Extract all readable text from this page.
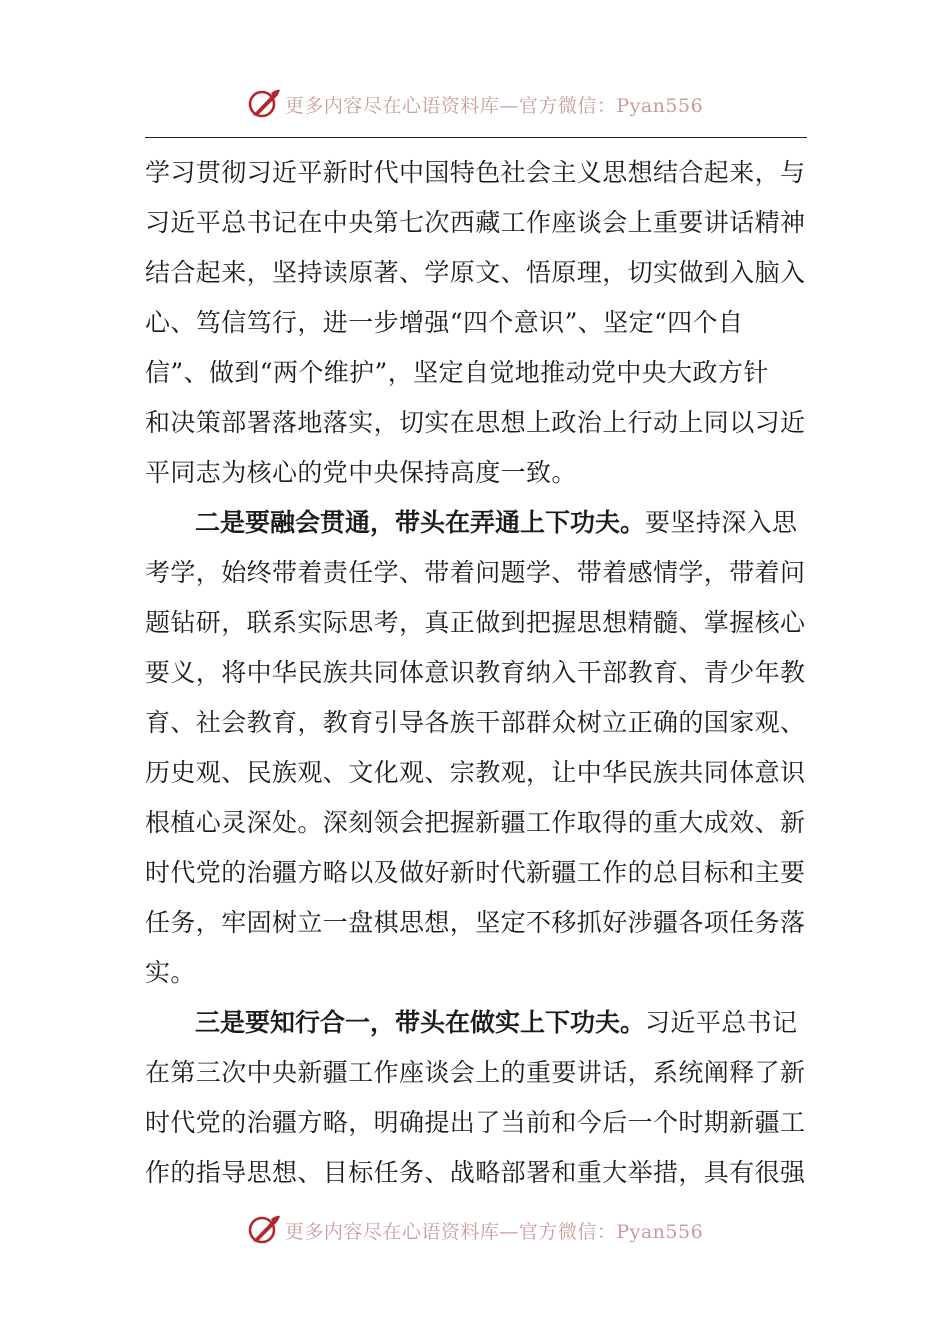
更多内容尽在心语资料库—官方微信：Pyan556
学习贯彻习近平新时代中国特色社会主义思想结合起来，与
习近平总书记在中央第七次西藏工作座谈会上重要讲话精神
结合起来，坚持读原著、学原文、悟原理，切实做到入脑入
心、笃信笃行，进一步增强“四个意识”、坚定“四个自
信”、做到“两个维护”，坚定自觉地推动党中央大政方针
和决策部署落地落实，切实在思想上政治上行动上同以习近
平同志为核心的党中央保持高度一致。
二是要融会贯通，带头在弄通上下功夫。要坚持深入思
考学，始终带着责任学、带着问题学、带着感情学，带着问
题钻研，联系实际思考，真正做到把握思想精髓、掌握核心
要义，将中华民族共同体意识教育纳入干部教育、青少年教
育、社会教育，教育引导各族干部群众树立正确的国家观、
历史观、民族观、文化观、宗教观，让中华民族共同体意识
根植心灵深处。深刻领会把握新疆工作取得的重大成效、新
时代党的治疆方略以及做好新时代新疆工作的总目标和主要
任务，牢固树立一盘棋思想，坚定不移抓好涉疆各项任务落
实。
三是要知行合一，带头在做实上下功夫。习近平总书记
在第三次中央新疆工作座谈会上的重要讲话，系统阐释了新
时代党的治疆方略，明确提出了当前和今后一个时期新疆工
作的指导思想、目标任务、战略部署和重大举措，具有很强
更多内容尽在心语资料库—官方微信：Pyan556
